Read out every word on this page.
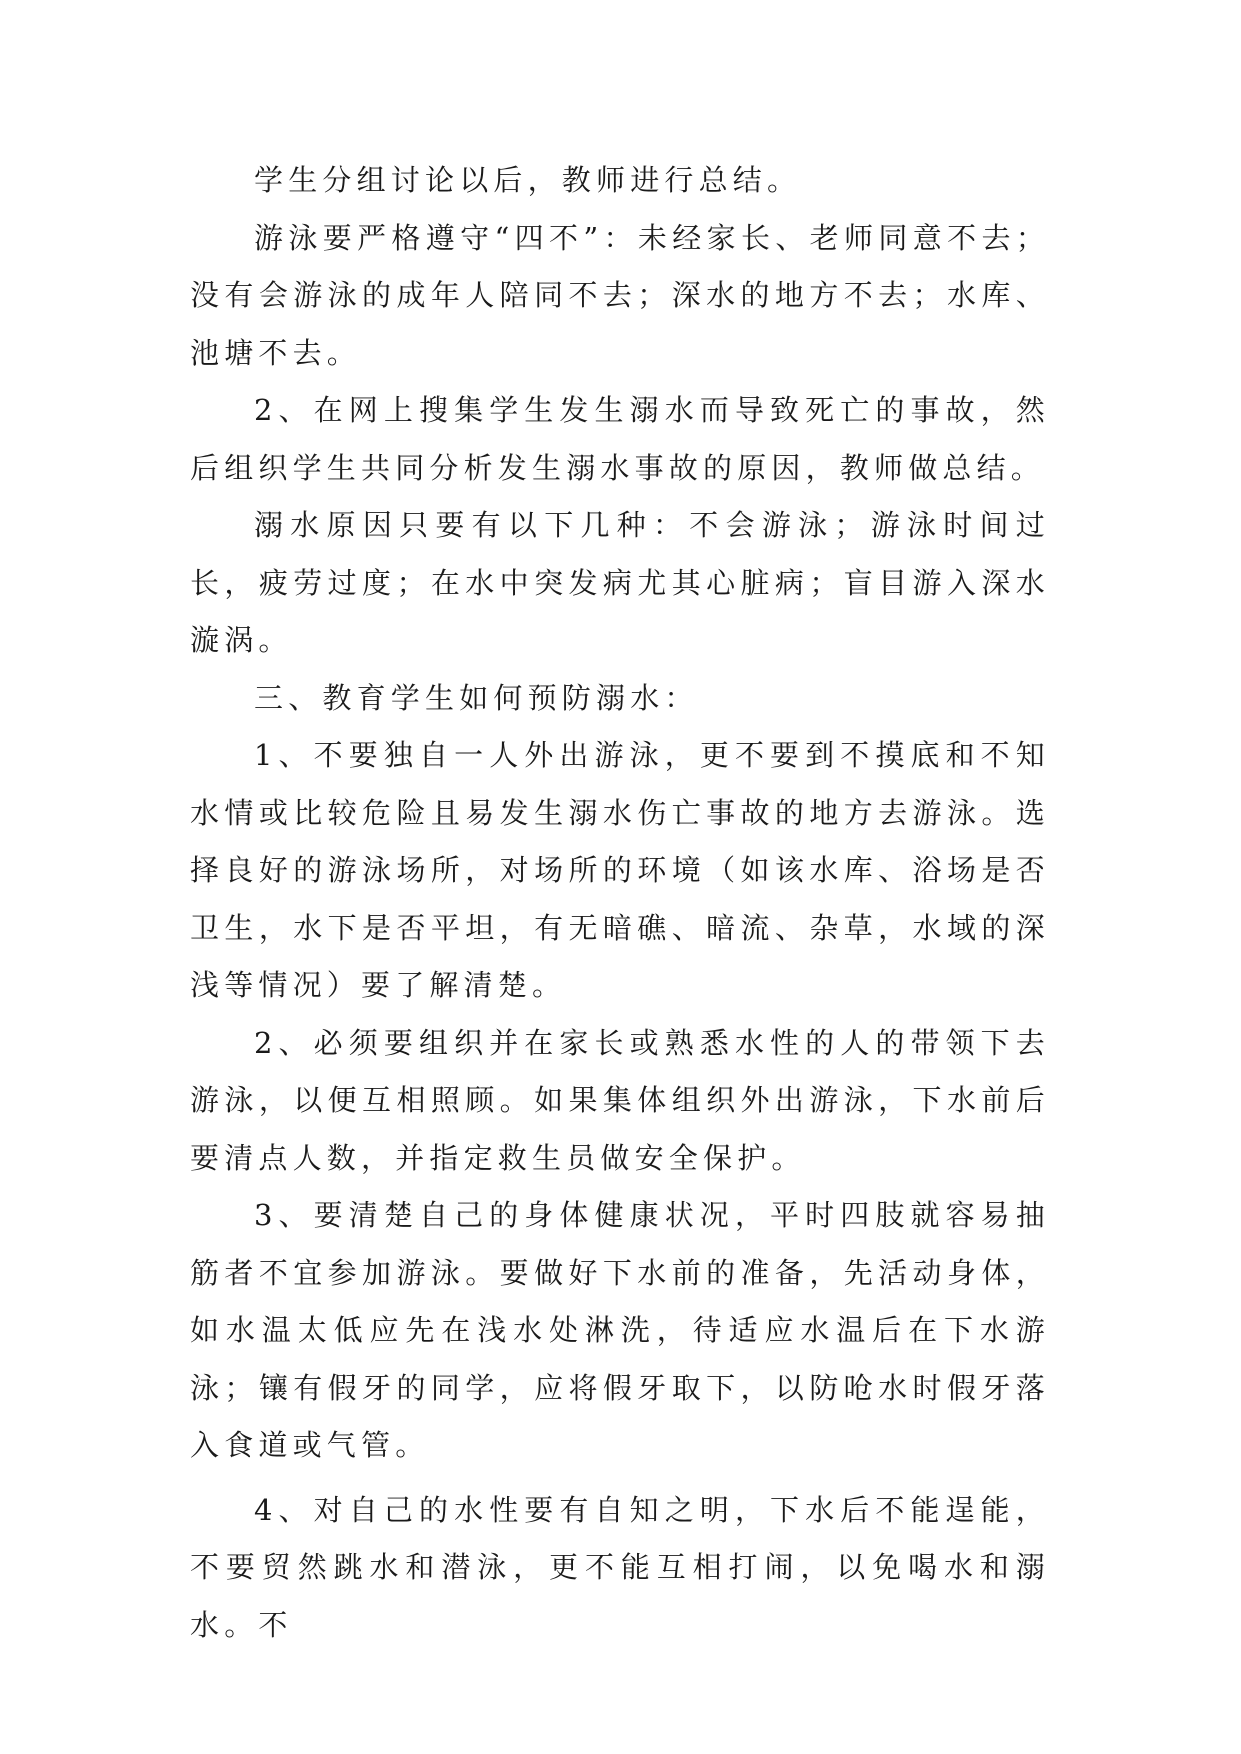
学生分组讨论以后，教师进行总结。

游泳要严格遵守“四不”：未经家长、老师同意不去；没有会游泳的成年人陪同不去；深水的地方不去；水库、池塘不去。

2、在网上搜集学生发生溺水而导致死亡的事故，然后组织学生共同分析发生溺水事故的原因，教师做总结。

溺水原因只要有以下几种：不会游泳；游泳时间过长，疲劳过度；在水中突发病尤其心脏病；盲目游入深水漩涡。

三、教育学生如何预防溺水：

1、不要独自一人外出游泳，更不要到不摸底和不知水情或比较危险且易发生溺水伤亡事故的地方去游泳。选择良好的游泳场所，对场所的环境（如该水库、浴场是否卫生，水下是否平坦，有无暗礁、暗流、杂草，水域的深浅等情况）要了解清楚。

2、必须要组织并在家长或熟悉水性的人的带领下去游泳，以便互相照顾。如果集体组织外出游泳，下水前后要清点人数，并指定救生员做安全保护。

3、要清楚自己的身体健康状况，平时四肢就容易抽筋者不宜参加游泳。要做好下水前的准备，先活动身体，如水温太低应先在浅水处淋洗，待适应水温后在下水游泳；镶有假牙的同学，应将假牙取下，以防呛水时假牙落入食道或气管。

4、对自己的水性要有自知之明，下水后不能逞能，不要贸然跳水和潜泳，更不能互相打闹，以免喝水和溺水。不
